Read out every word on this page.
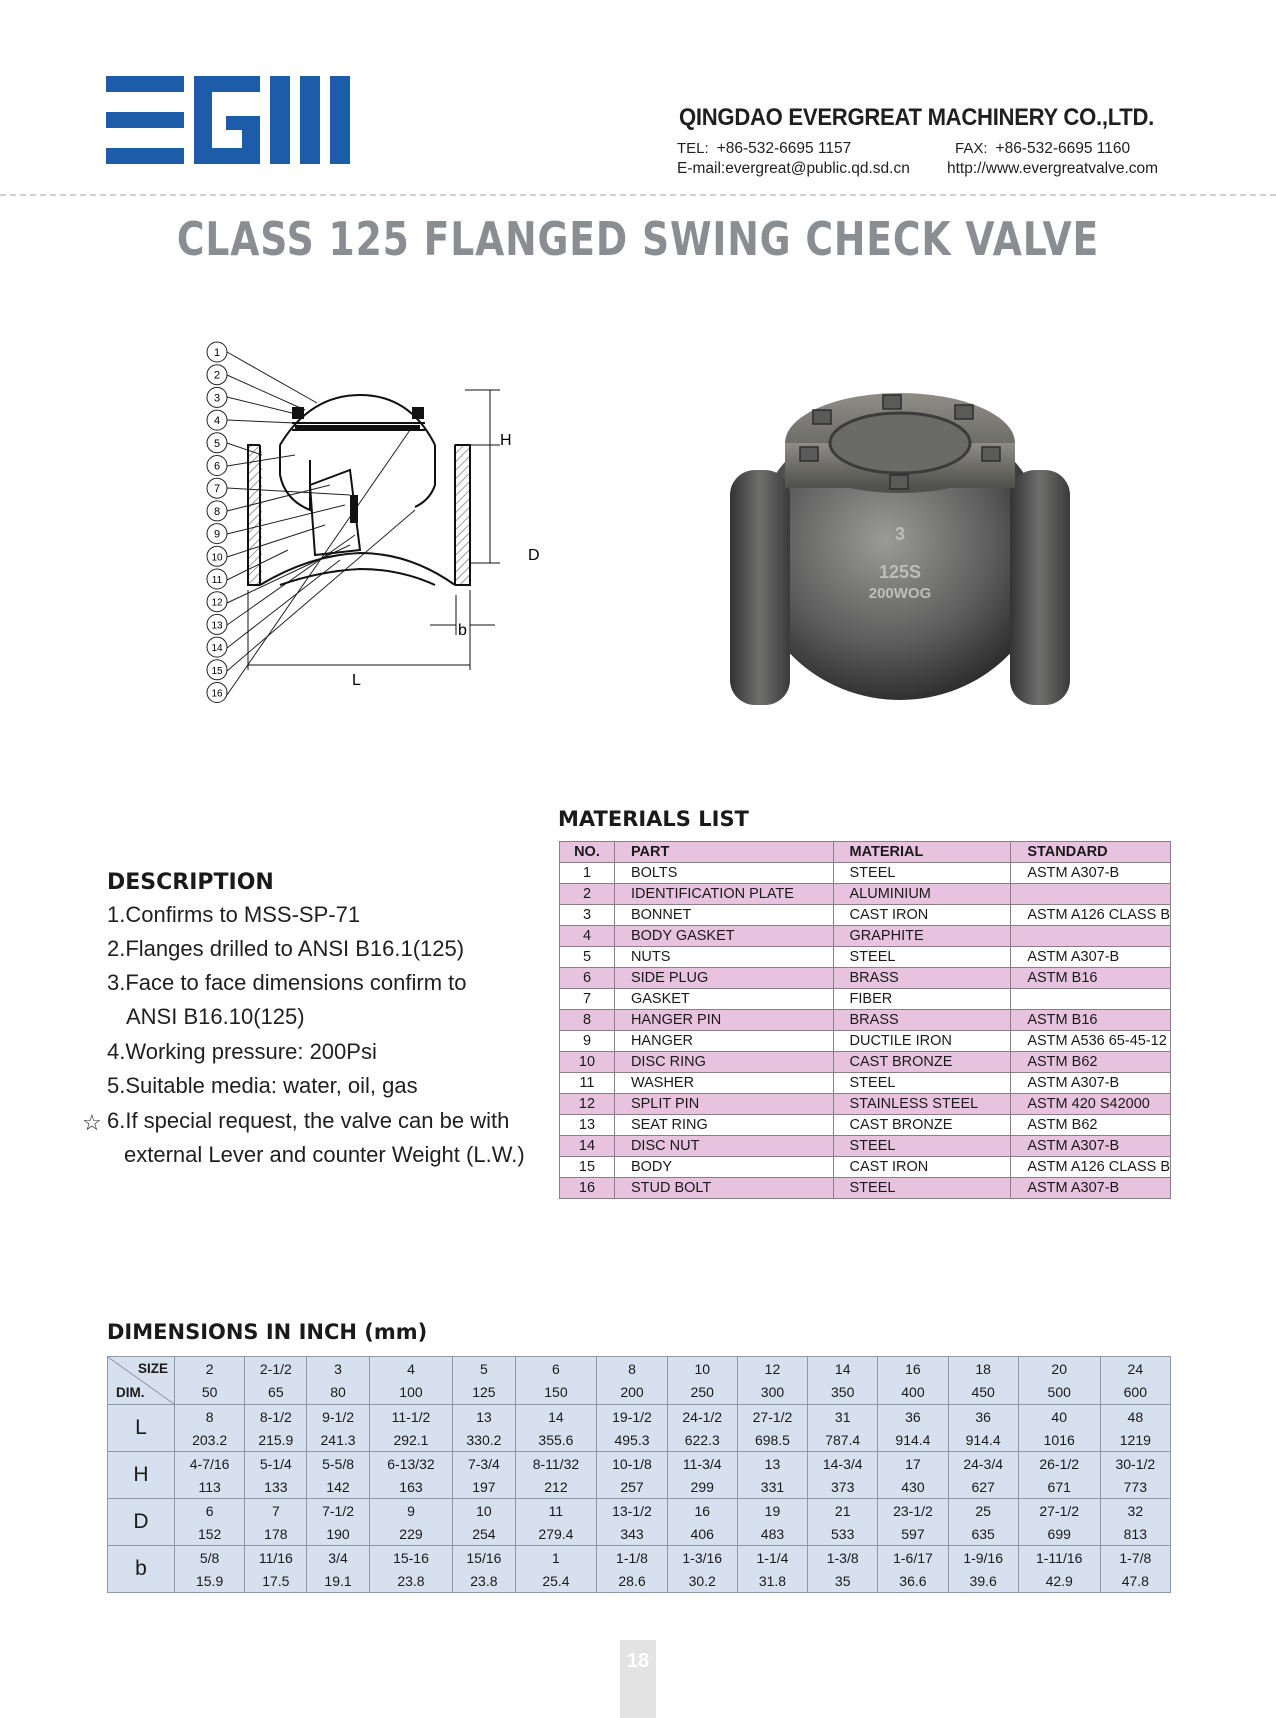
QINGDAO EVERGREAT MACHINERY CO.,LTD.
TEL: +86-532-6695 1157	FAX: +86-532-6695 1160
E-mail:evergreat@public.qd.sd.cn http://www.evergreatvalve.com
CLASS 125 FLANGED SWING CHECK VALVE
1
2
3
4
5
6
7
8
9
10
11
12
13
14
15
16
H
D
b
L
3
125S
200WOG
DESCRIPTION
1.Confirms to MSS-SP-71
2.Flanges drilled to ANSI B16.1(125)
3.Face to face dimensions confirm to
ANSI B16.10(125)
4.Working pressure: 200Psi
5.Suitable media: water, oil, gas
☆ 6.If special request, the valve can be with
external Lever and counter Weight (L.W.)
MATERIALS LIST
NO.	PART	MATERIAL	STANDARD
1	BOLTS	STEEL	ASTM A307-B
2	IDENTIFICATION PLATE	ALUMINIUM	
3	BONNET	CAST IRON	ASTM A126 CLASS B
4	BODY GASKET	GRAPHITE	
5	NUTS	STEEL	ASTM A307-B
6	SIDE PLUG	BRASS	ASTM B16
7	GASKET	FIBER	
8	HANGER PIN	BRASS	ASTM B16
9	HANGER	DUCTILE IRON	ASTM A536 65-45-12
10	DISC RING	CAST BRONZE	ASTM B62
11	WASHER	STEEL	ASTM A307-B
12	SPLIT PIN	STAINLESS STEEL	ASTM 420 S42000
13	SEAT RING	CAST BRONZE	ASTM B62
14	DISC NUT	STEEL	ASTM A307-B
15	BODY	CAST IRON	ASTM A126 CLASS B
16	STUD BOLT	STEEL	ASTM A307-B
DIMENSIONS IN INCH (mm)
SIZE
DIM.	2	2-1/2	3	4	5	6	8	10	12	14	16	18	20	24
	50	65	80	100	125	150	200	250	300	350	400	450	500	600
L	8	8-1/2	9-1/2	11-1/2	13	14	19-1/2	24-1/2	27-1/2	31	36	36	40	48
	203.2	215.9	241.3	292.1	330.2	355.6	495.3	622.3	698.5	787.4	914.4	914.4	1016	1219
H	4-7/16	5-1/4	5-5/8	6-13/32	7-3/4	8-11/32	10-1/8	11-3/4	13	14-3/4	17	24-3/4	26-1/2	30-1/2
	113	133	142	163	197	212	257	299	331	373	430	627	671	773
D	6	7	7-1/2	9	10	11	13-1/2	16	19	21	23-1/2	25	27-1/2	32
	152	178	190	229	254	279.4	343	406	483	533	597	635	699	813
b	5/8	11/16	3/4	15-16	15/16	1	1-1/8	1-3/16	1-1/4	1-3/8	1-6/17	1-9/16	1-11/16	1-7/8
	15.9	17.5	19.1	23.8	23.8	25.4	28.6	30.2	31.8	35	36.6	39.6	42.9	47.8
18
